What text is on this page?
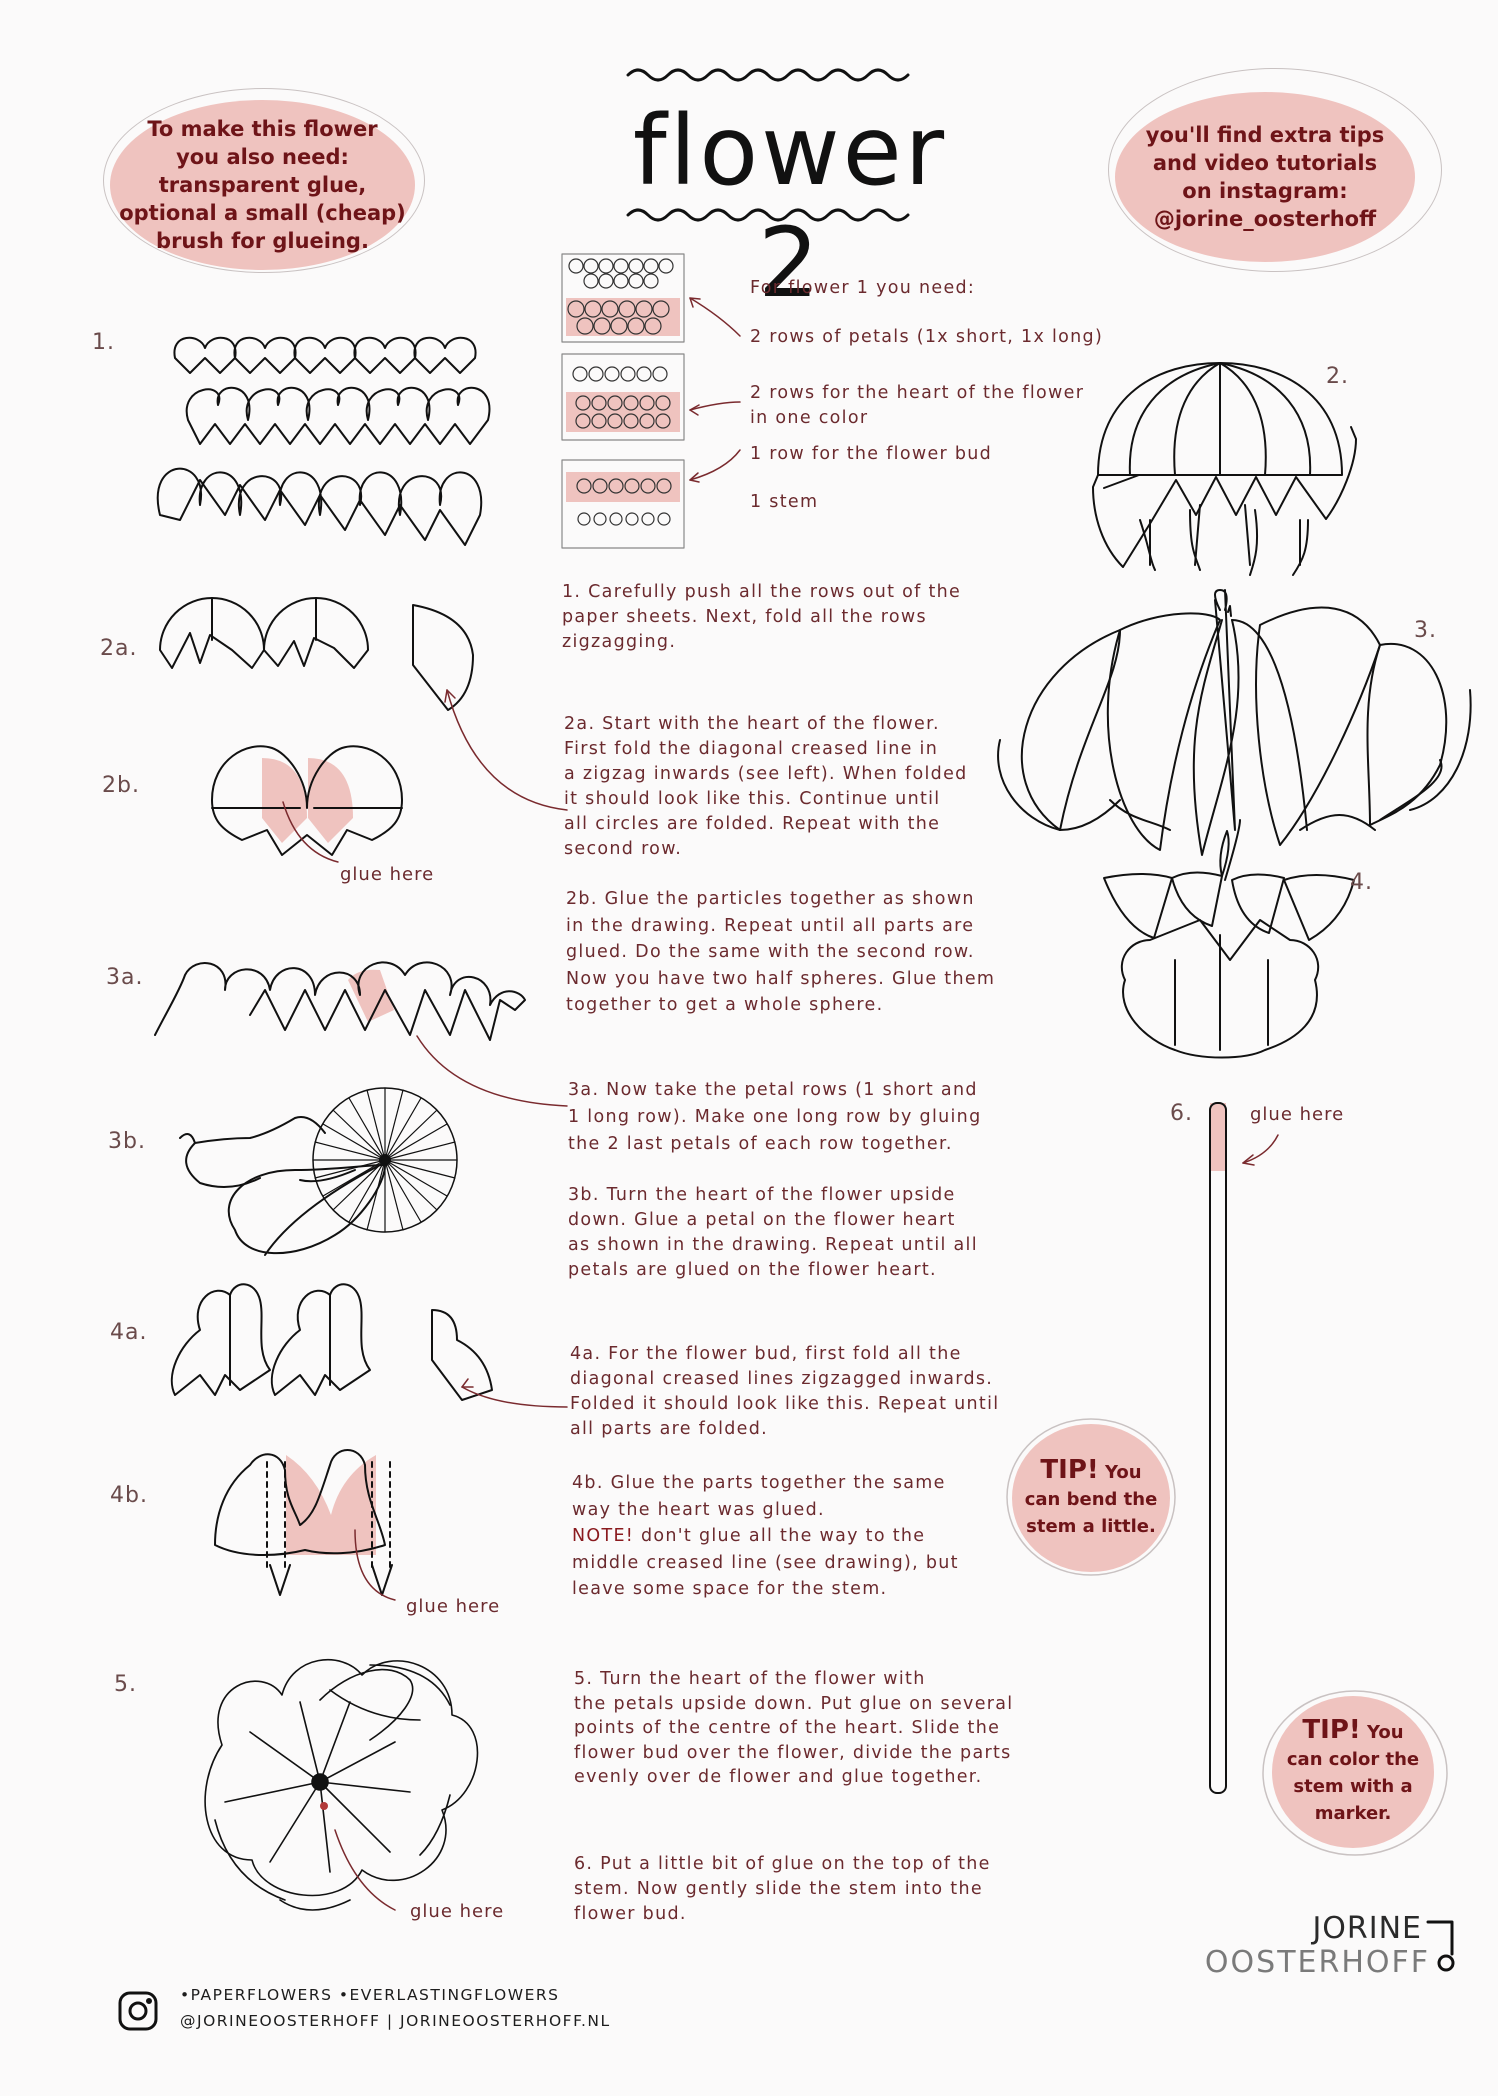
To make this flower

you also need:

transparent glue,

optional a small (cheap)

brush for glueing.

you'll find extra tips

and video tutorials

on instagram:

@jorine_oosterhoff

flower 2
For flower 1 you need:
2 rows of petals (1x short, 1x long)
2 rows for the heart of the flower
in one color
1 row for the flower bud
1 stem
1.
2a.
2b.
3a.
3b.
4a.
4b.
5.
2.
3.
4.
6.
1. Carefully push all the rows out of the
paper sheets. Next, fold all the rows
zigzagging.
2a. Start with the heart of the flower.
First fold the diagonal creased line in
a zigzag inwards (see left). When folded
it should look like this. Continue until
all circles are folded. Repeat with the
second row.
2b. Glue the particles together as shown
in the drawing. Repeat until all parts are
glued. Do the same with the second row.
Now you have two half spheres. Glue them
together to get a whole sphere.
3a. Now take the petal rows (1 short and
1 long row). Make one long row by gluing
the 2 last petals of each row together.
3b. Turn the heart of the flower upside
down. Glue a petal on the flower heart
as shown in the drawing. Repeat until all
petals are glued on the flower heart.
4a. For the flower bud, first fold all the
diagonal creased lines zigzagged inwards.
Folded it should look like this. Repeat until
all parts are folded.
4b. Glue the parts together the same
way the heart was glued.
NOTE! don't glue all the way to the
middle creased line (see drawing), but
leave some space for the stem.
5. Turn the heart of the flower with
the petals upside down. Put glue on several
points of the centre of the heart. Slide the
flower bud over the flower, divide the parts
evenly over de flower and glue together.
6. Put a little bit of glue on the top of the
stem. Now gently slide the stem into the
flower bud.
glue here
glue here
glue here
glue here
TIP! You
can bend the
stem a little.
TIP! You
can color the
stem with a
marker.
•PAPERFLOWERS •EVERLASTINGFLOWERS
@JORINEOOSTERHOFF | JORINEOOSTERHOFF.NL
JORINE
OOSTERHOFF
